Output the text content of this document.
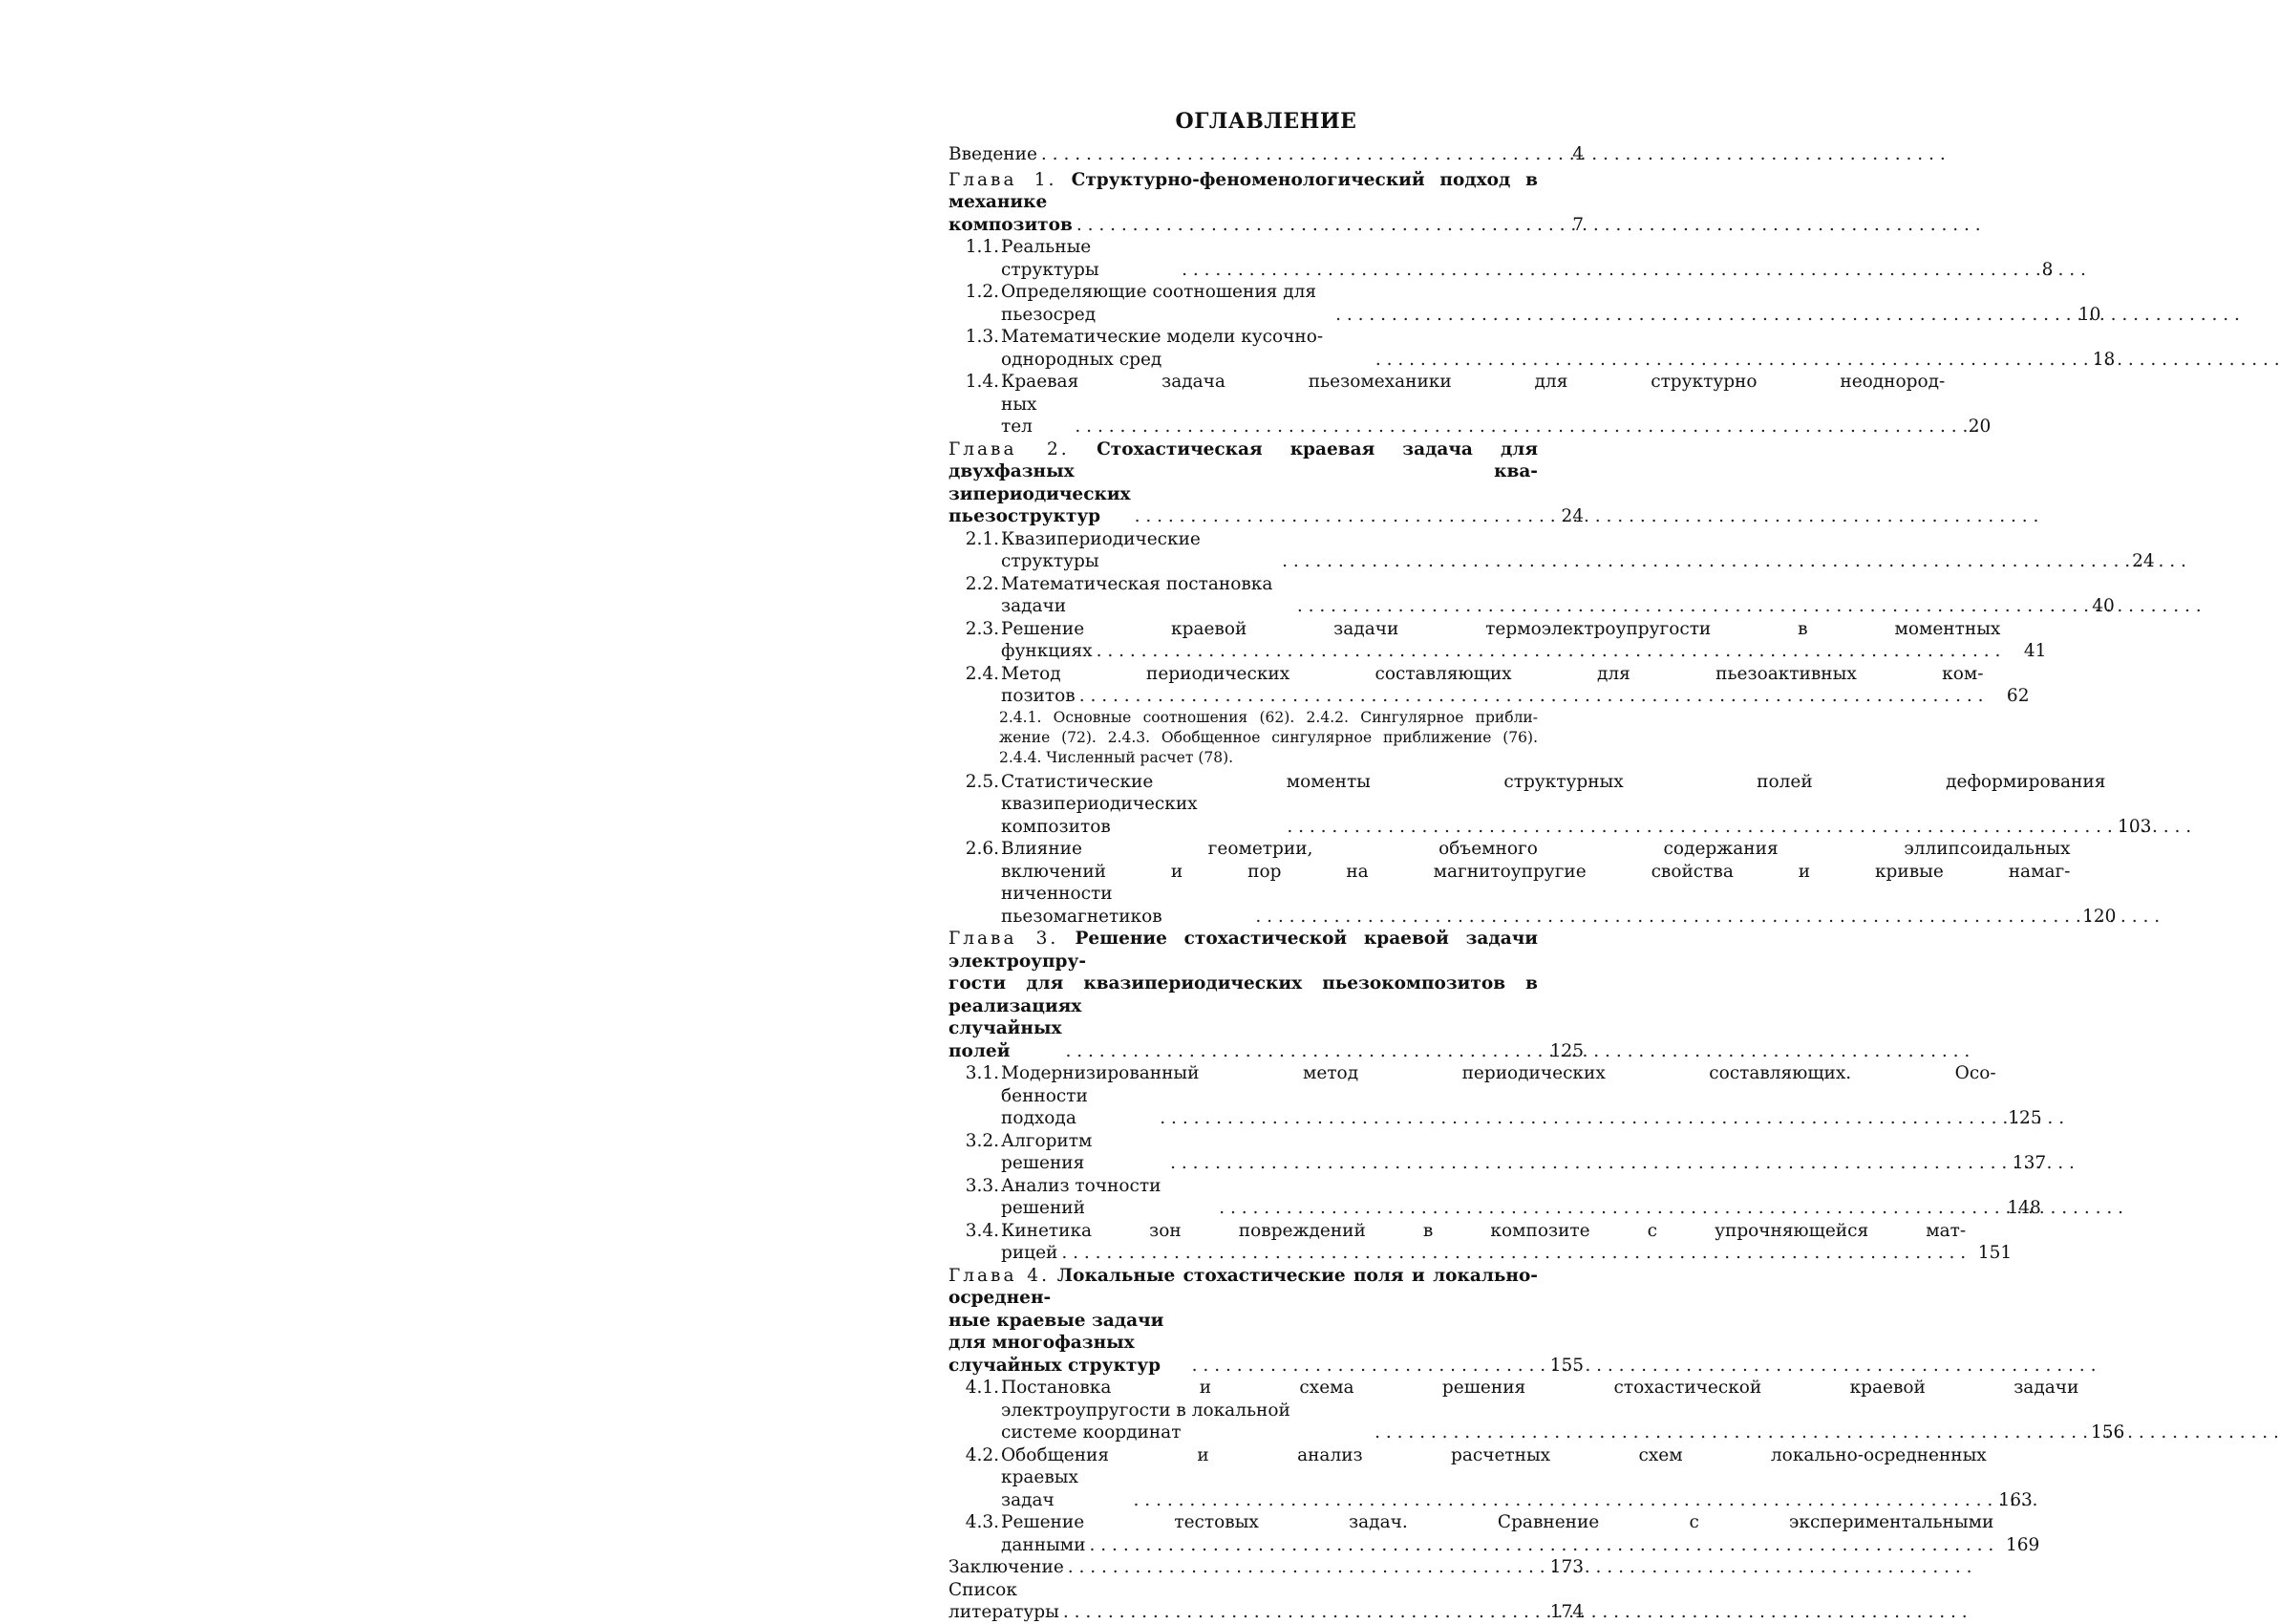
ОГЛАВЛЕНИЕ
Введение . . .	4
Глава 1. Структурно-феноменологический подход в механике
композитов . . .	7
1.1. Реальные структуры . . .	8
1.2. Определяющие соотношения для пьезосред . . .	10
1.3. Математические модели кусочно-однородных сред . . .	18
1.4. Краевая задача пьезомеханики для структурно неоднород-
ных тел . . .	20
Глава 2. Стохастическая краевая задача для двухфазных ква-
зипериодических пьезоструктур . . .	24
2.1. Квазипериодические структуры . . .	24
2.2. Математическая постановка задачи . . .	40
2.3. Решение краевой задачи термоэлектроупругости в моментных
функциях . . .	41
2.4. Метод периодических составляющих для пьезоактивных ком-
позитов . . .	62
2.4.1. Основные соотношения (62). 2.4.2. Сингулярное прибли-жение (72). 2.4.3. Обобщенное сингулярное приближение (76). 2.4.4. Численный расчет (78).
2.5. Статистические моменты структурных полей деформирования
квазипериодических композитов . . .	103
2.6. Влияние геометрии, объемного содержания эллипсоидальных
включений и пор на магнитоупругие свойства и кривые намаг-
ниченности пьезомагнетиков . . .	120
Глава 3. Решение стохастической краевой задачи электроупру-
гости для квазипериодических пьезокомпозитов в реализациях
случайных полей . . .	125
3.1. Модернизированный метод периодических составляющих. Осо-
бенности подхода . . .	125
3.2. Алгоритм решения . . .	137
3.3. Анализ точности решений . . .	148
3.4. Кинетика зон повреждений в композите с упрочняющейся мат-
рицей . . .	151
Глава 4. Локальные стохастические поля и локально-осреднен-
ные краевые задачи для многофазных случайных структур . . .	155
4.1. Постановка и схема решения стохастической краевой задачи
электроупругости в локальной системе координат . . .	156
4.2. Обобщения и анализ расчетных схем локально-осредненных
краевых задач . . .	163
4.3. Решение тестовых задач. Сравнение с экспериментальными
данными . . .	169
Заключение . . .	173
Список литературы . . .	174
